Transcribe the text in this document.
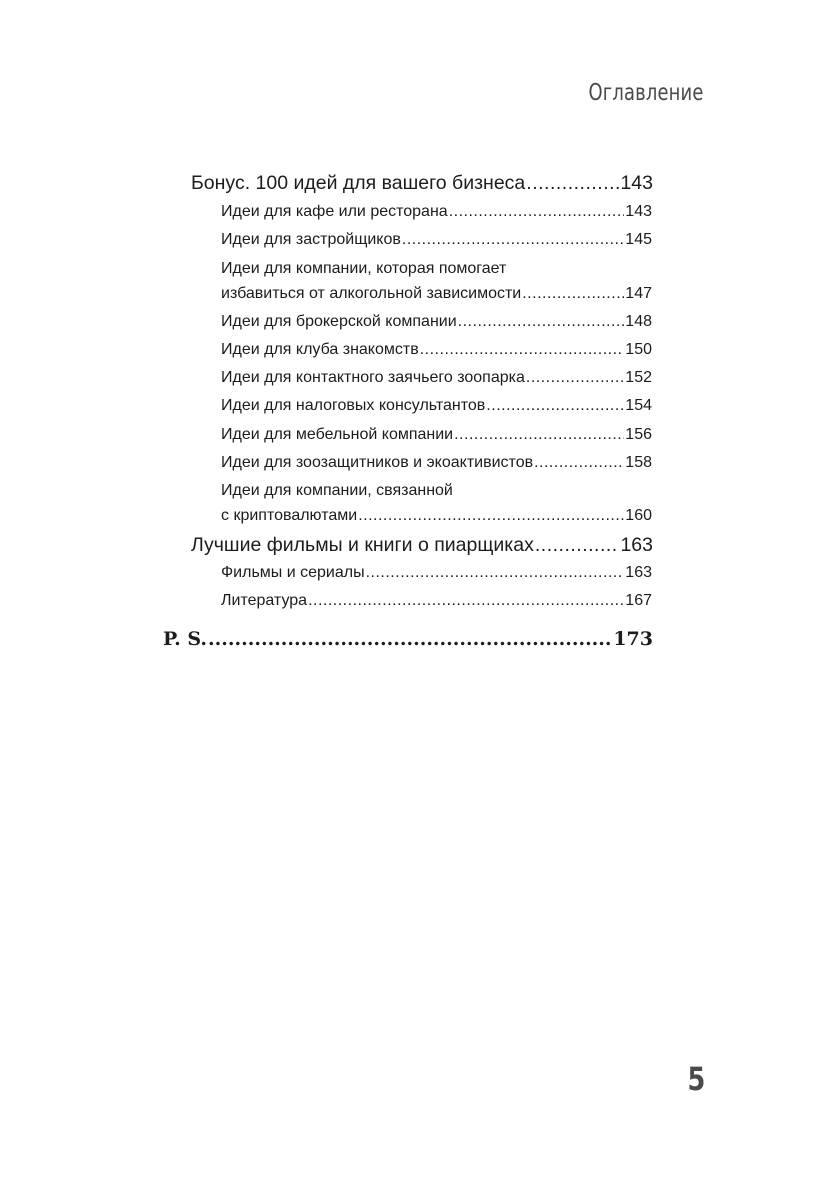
Оглавление
Бонус. 100 идей для вашего бизнеса .....	143
Идеи для кафе или ресторана .....	143
Идеи для застройщиков .....	145
Идеи для компании, которая помогает
избавиться от алкогольной зависимости .....	147
Идеи для брокерской компании .....	148
Идеи для клуба знакомств .....	150
Идеи для контактного заячьего зоопарка .....	152
Идеи для налоговых консультантов .....	154
Идеи для мебельной компании .....	156
Идеи для зоозащитников и экоактивистов .....	158
Идеи для компании, связанной
с криптовалютами .....	160
Лучшие фильмы и книги о пиарщиках .....	163
Фильмы и сериалы .....	163
Литература .....	167
P. S. .....	173
5
